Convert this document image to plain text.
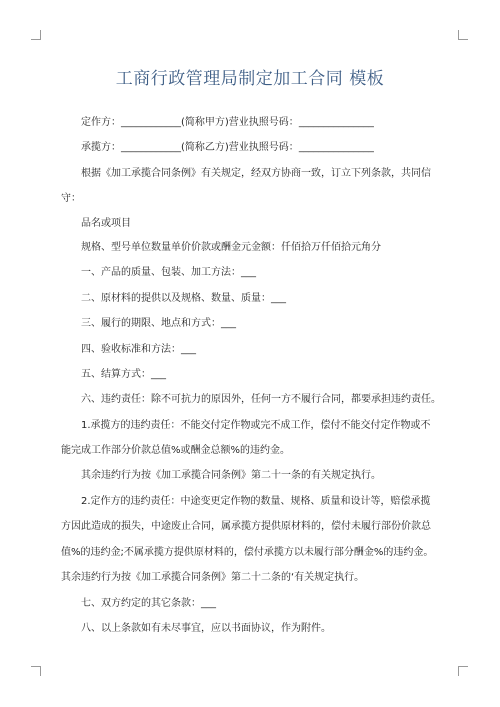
工商行政管理局制定加工合同 模板
定作方：____________(简称甲方)营业执照号码：_______________
承揽方：____________(简称乙方)营业执照号码：_______________
根据《加工承揽合同条例》有关规定，经双方协商一致，订立下列条款，共同信
守：
品名或项目
规格、型号单位数量单价价款或酬金元金额：仟佰拾万仟佰拾元角分
一、产品的质量、包装、加工方法：___
二、原材料的提供以及规格、数量、质量：___
三、履行的期限、地点和方式：___
四、验收标准和方法：___
五、结算方式：___
六、违约责任：除不可抗力的原因外，任何一方不履行合同，都要承担违约责任。
1.承揽方的违约责任：不能交付定作物或完不成工作，偿付不能交付定作物或不
能完成工作部分价款总值%或酬金总额%的违约金。
其余违约行为按《加工承揽合同条例》第二十一条的有关规定执行。
2.定作方的违约责任：中途变更定作物的数量、规格、质量和设计等，赔偿承揽
方因此造成的损失，中途废止合同，属承揽方提供原材料的，偿付未履行部份价款总
值%的违约金;不属承揽方提供原材料的，偿付承揽方以未履行部分酬金%的违约金。
其余违约行为按《加工承揽合同条例》第二十二条的‘有关规定执行。
七、双方约定的其它条款：___
八、以上条款如有未尽事宜，应以书面协议，作为附件。
